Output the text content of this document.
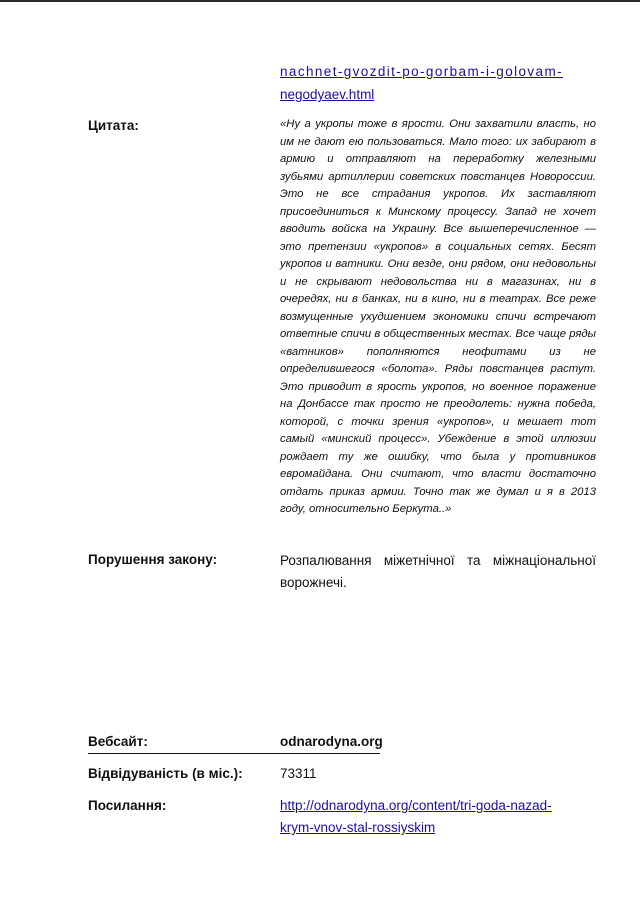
nachnet-gvozdit-po-gorbam-i-golovam-
negodyaev.html
Цитата:	«Ну а укропы тоже в ярости. Они захватили власть, но им не дают ею пользоваться. Мало того: их забирают в армию и отправляют на переработку железными зубьями артиллерии советских повстанцев Новороссии. Это не все страдания укропов. Их заставляют присоединиться к Минскому процессу. Запад не хочет вводить войска на Украину. Все вышеперечисленное — это претензии «укропов» в социальных сетях. Бесят укропов и ватники. Они везде, они рядом, они недовольны и не скрывают недовольства ни в магазинах, ни в очередях, ни в банках, ни в кино, ни в театрах. Все реже возмущенные ухудшением экономики спичи встречают ответные спичи в общественных местах. Все чаще ряды «ватников» пополняются неофитами из не определившегося «болота». Ряды повстанцев растут. Это приводит в ярость укропов, но военное поражение на Донбассе так просто не преодолеть: нужна победа, которой, с точки зрения «укропов», и мешает тот самый «минский процесс». Убеждение в этой иллюзии рождает ту же ошибку, что была у противников евромайдана. Они считают, что власти достаточно отдать приказ армии. Точно так же думал и я в 2013 году, относительно Беркута..»

Порушення закону:	Розпалювання міжетнічної та міжнаціональної ворожнечі.

Вебсайт:	odnarodyna.org
Відвідуваність (в міс.):	73311
Посилання:	http://odnarodyna.org/content/tri-goda-nazad-
krym-vnov-stal-rossiyskim
